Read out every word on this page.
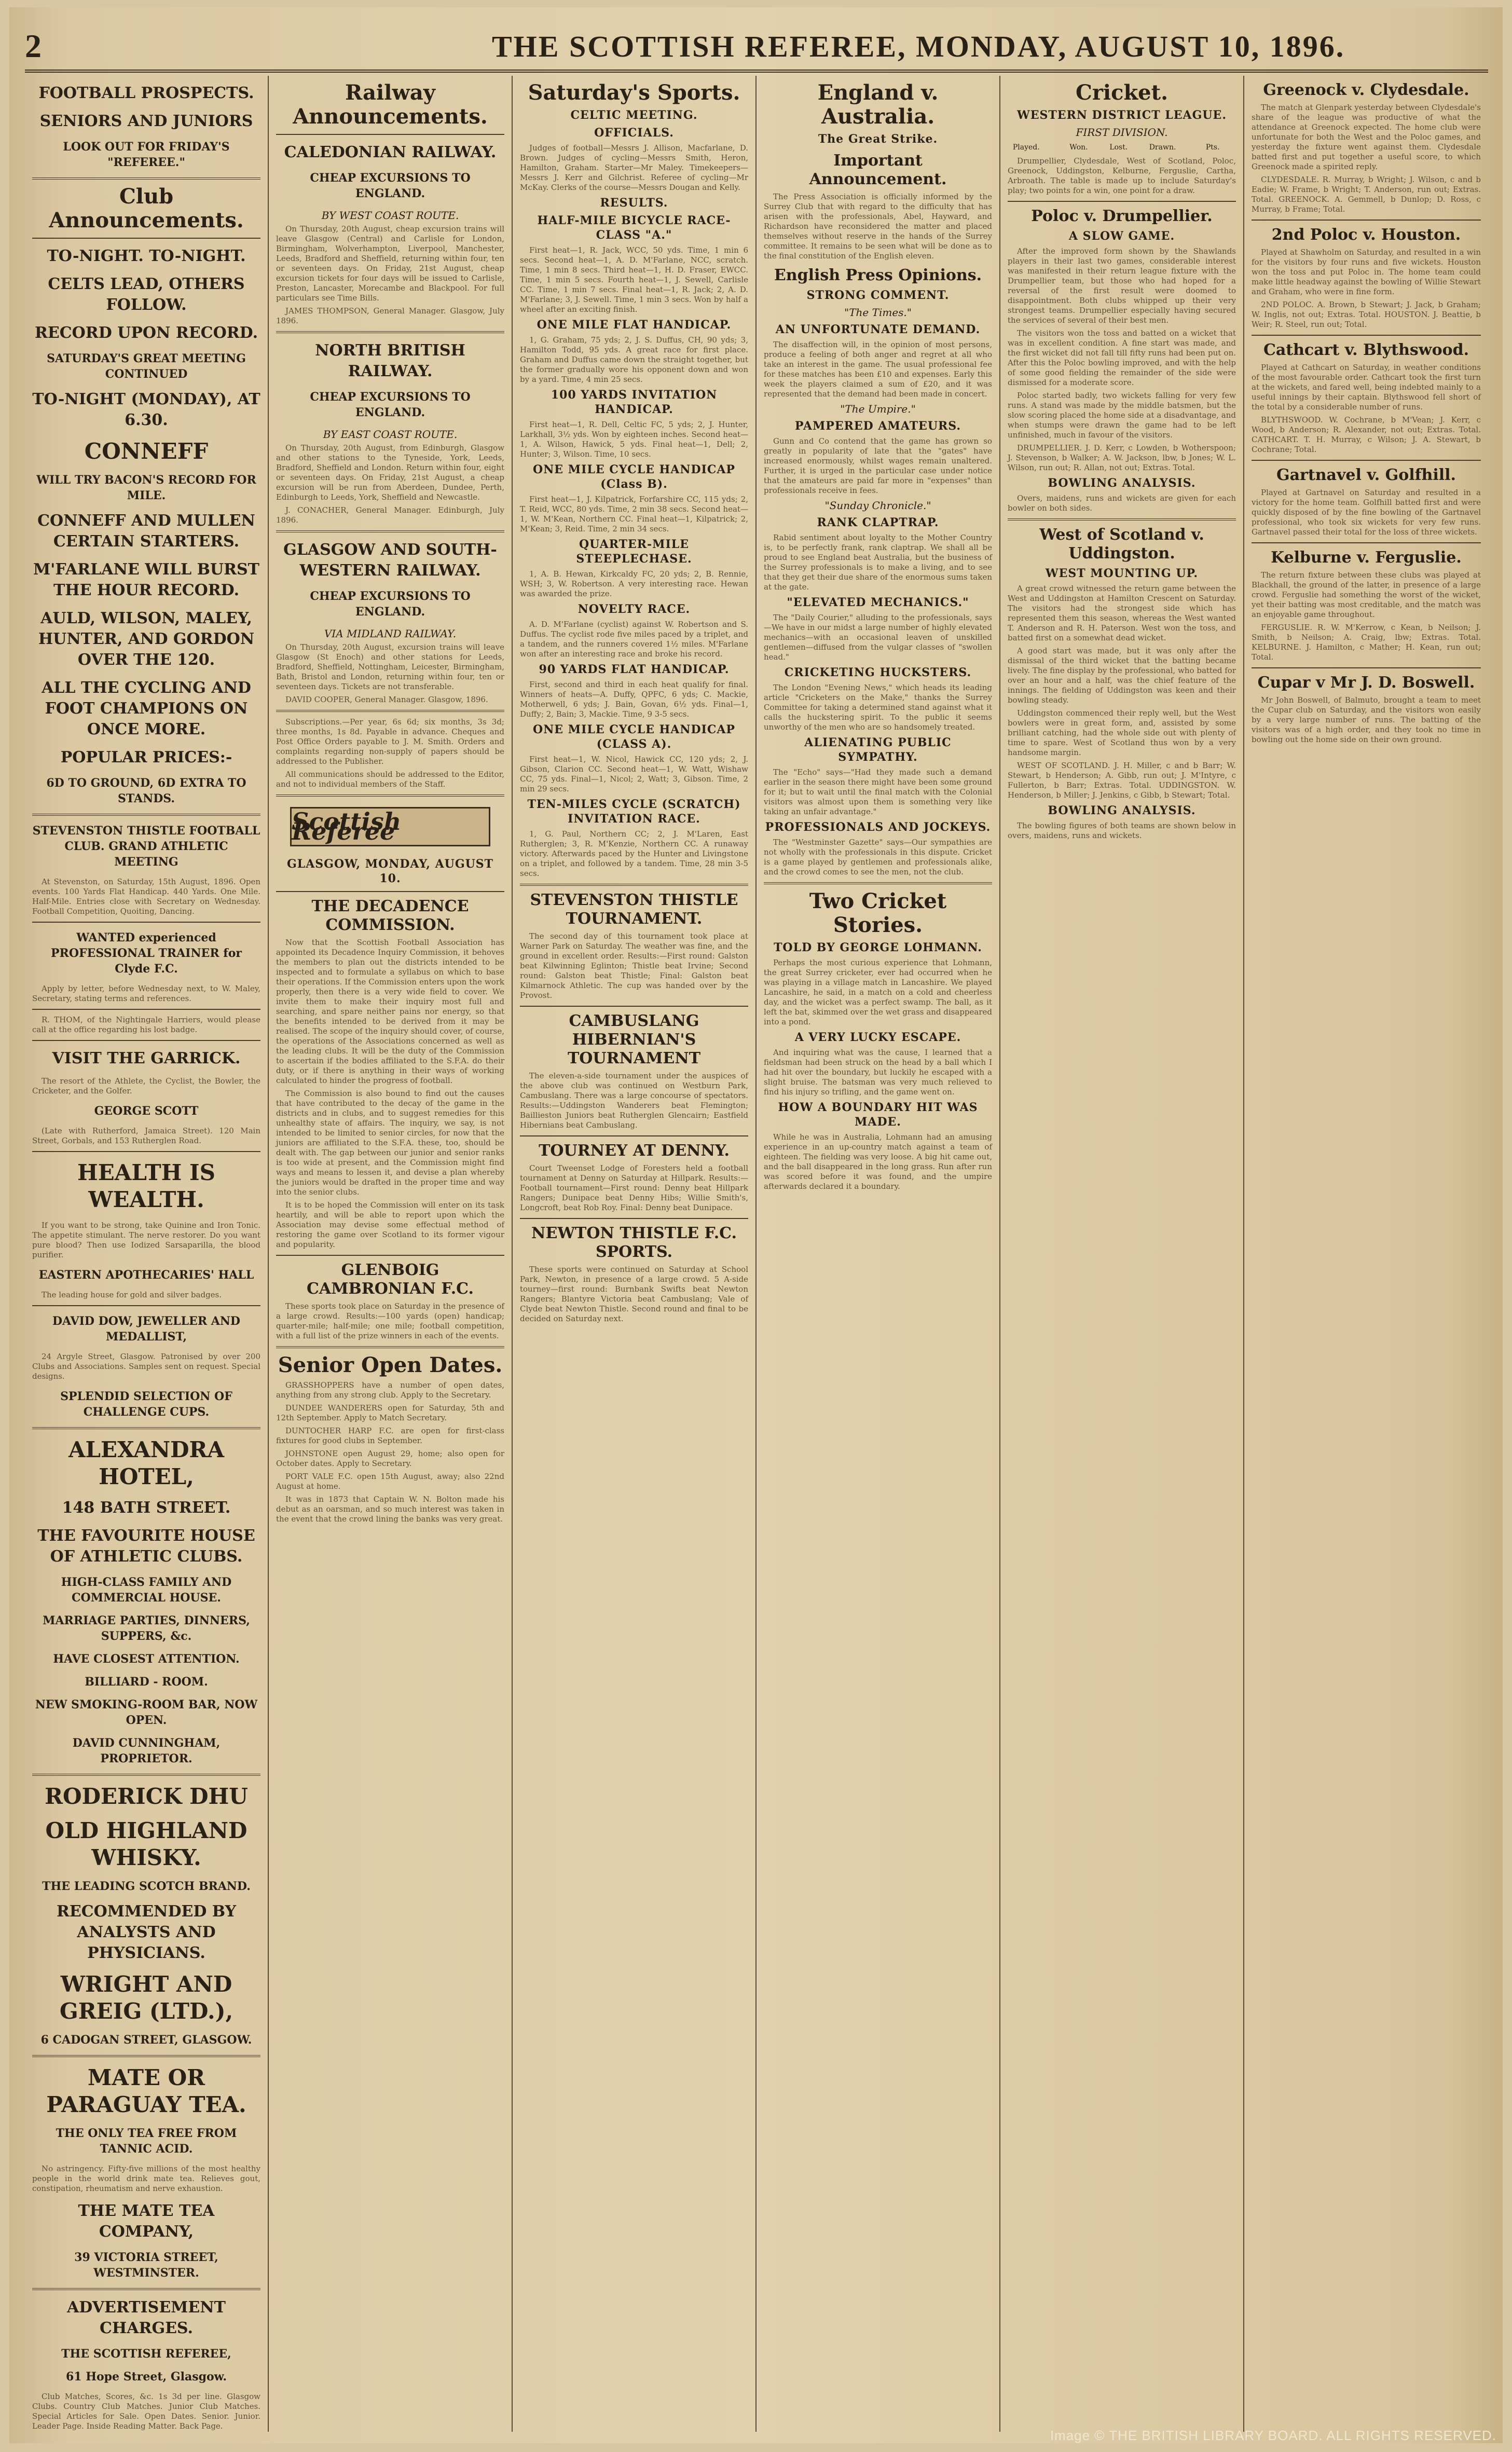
2	THE SCOTTISH REFEREE, MONDAY, AUGUST 10, 1896.
FOOTBALL PROSPECTS.
SENIORS AND JUNIORS
LOOK OUT FOR FRIDAY'S "REFEREE."
Club Announcements.
TO-NIGHT. TO-NIGHT.
CELTS LEAD, OTHERS FOLLOW.
RECORD UPON RECORD.
SATURDAY'S GREAT MEETING CONTINUED
TO-NIGHT (MONDAY), AT 6.30.
CONNEFF
WILL TRY BACON'S RECORD FOR MILE.
CONNEFF AND MULLEN CERTAIN STARTERS.
M'FARLANE WILL BURST THE HOUR RECORD.
AULD, WILSON, MALEY, HUNTER, AND GORDON OVER THE 120.
ALL THE CYCLING AND FOOT CHAMPIONS ON ONCE MORE.
POPULAR PRICES:-
6D TO GROUND, 6D EXTRA TO STANDS.
STEVENSTON THISTLE FOOTBALL CLUB. GRAND ATHLETIC MEETING

At Stevenston, on Saturday, 15th August, 1896. Open events. 100 Yards Flat Handicap. 440 Yards. One Mile. Half-Mile. Entries close with Secretary on Wednesday. Football Competition, Quoiting, Dancing.

WANTED experienced PROFESSIONAL TRAINER for Clyde F.C.

Apply by letter, before Wednesday next, to W. Maley, Secretary, stating terms and references.

R. THOM, of the Nightingale Harriers, would please call at the office regarding his lost badge.

VISIT THE GARRICK.

The resort of the Athlete, the Cyclist, the Bowler, the Cricketer, and the Golfer.

GEORGE SCOTT

(Late with Rutherford, Jamaica Street). 120 Main Street, Gorbals, and 153 Rutherglen Road.

HEALTH IS WEALTH.

If you want to be strong, take Quinine and Iron Tonic. The appetite stimulant. The nerve restorer. Do you want pure blood? Then use Iodized Sarsaparilla, the blood purifier.

EASTERN APOTHECARIES' HALL

The leading house for gold and silver badges.

DAVID DOW, JEWELLER AND MEDALLIST,

24 Argyle Street, Glasgow. Patronised by over 200 Clubs and Associations. Samples sent on request. Special designs.

SPLENDID SELECTION OF CHALLENGE CUPS.
ALEXANDRA HOTEL,
148 BATH STREET.
THE FAVOURITE HOUSE OF ATHLETIC CLUBS.
HIGH-CLASS FAMILY AND COMMERCIAL HOUSE.
MARRIAGE PARTIES, DINNERS, SUPPERS, &c.
HAVE CLOSEST ATTENTION.
BILLIARD - ROOM.
NEW SMOKING-ROOM BAR, NOW OPEN.
DAVID CUNNINGHAM, PROPRIETOR.
RODERICK DHU
OLD HIGHLAND WHISKY.
THE LEADING SCOTCH BRAND.
RECOMMENDED BY ANALYSTS AND PHYSICIANS.
WRIGHT AND GREIG (LTD.),
6 CADOGAN STREET, GLASGOW.
MATE OR PARAGUAY TEA.
THE ONLY TEA FREE FROM TANNIC ACID.

No astringency. Fifty-five millions of the most healthy people in the world drink mate tea. Relieves gout, constipation, rheumatism and nerve exhaustion.

THE MATE TEA COMPANY,
39 VICTORIA STREET, WESTMINSTER.
ADVERTISEMENT CHARGES.
THE SCOTTISH REFEREE,
61 Hope Street, Glasgow.

Club Matches, Scores, &c. 1s 3d per line. Glasgow Clubs. Country Club Matches. Junior Club Matches. Special Articles for Sale. Open Dates. Senior. Junior. Leader Page. Inside Reading Matter. Back Page.

Railway Announcements.
CALEDONIAN RAILWAY.
CHEAP EXCURSIONS TO ENGLAND.
BY WEST COAST ROUTE.

On Thursday, 20th August, cheap excursion trains will leave Glasgow (Central) and Carlisle for London, Birmingham, Wolverhampton, Liverpool, Manchester, Leeds, Bradford and Sheffield, returning within four, ten or seventeen days. On Friday, 21st August, cheap excursion tickets for four days will be issued to Carlisle, Preston, Lancaster, Morecambe and Blackpool. For full particulars see Time Bills.

JAMES THOMPSON, General Manager. Glasgow, July 1896.

NORTH BRITISH RAILWAY.
CHEAP EXCURSIONS TO ENGLAND.
BY EAST COAST ROUTE.

On Thursday, 20th August, from Edinburgh, Glasgow and other stations to the Tyneside, York, Leeds, Bradford, Sheffield and London. Return within four, eight or seventeen days. On Friday, 21st August, a cheap excursion will be run from Aberdeen, Dundee, Perth, Edinburgh to Leeds, York, Sheffield and Newcastle.

J. CONACHER, General Manager. Edinburgh, July 1896.

GLASGOW AND SOUTH-WESTERN RAILWAY.
CHEAP EXCURSIONS TO ENGLAND.
VIA MIDLAND RAILWAY.

On Thursday, 20th August, excursion trains will leave Glasgow (St Enoch) and other stations for Leeds, Bradford, Sheffield, Nottingham, Leicester, Birmingham, Bath, Bristol and London, returning within four, ten or seventeen days. Tickets are not transferable.

DAVID COOPER, General Manager. Glasgow, 1896.

Subscriptions.—Per year, 6s 6d; six months, 3s 3d; three months, 1s 8d. Payable in advance. Cheques and Post Office Orders payable to J. M. Smith. Orders and complaints regarding non-supply of papers should be addressed to the Publisher.

All communications should be addressed to the Editor, and not to individual members of the Staff.

Scottish Referee
GLASGOW, MONDAY, AUGUST 10.
THE DECADENCE COMMISSION.

Now that the Scottish Football Association has appointed its Decadence Inquiry Commission, it behoves the members to plan out the districts intended to be inspected and to formulate a syllabus on which to base their operations. If the Commission enters upon the work properly, then there is a very wide field to cover. We invite them to make their inquiry most full and searching, and spare neither pains nor energy, so that the benefits intended to be derived from it may be realised. The scope of the inquiry should cover, of course, the operations of the Associations concerned as well as the leading clubs. It will be the duty of the Commission to ascertain if the bodies affiliated to the S.F.A. do their duty, or if there is anything in their ways of working calculated to hinder the progress of football.

The Commission is also bound to find out the causes that have contributed to the decay of the game in the districts and in clubs, and to suggest remedies for this unhealthy state of affairs. The inquiry, we say, is not intended to be limited to senior circles, for now that the juniors are affiliated to the S.F.A. these, too, should be dealt with. The gap between our junior and senior ranks is too wide at present, and the Commission might find ways and means to lessen it, and devise a plan whereby the juniors would be drafted in the proper time and way into the senior clubs.

It is to be hoped the Commission will enter on its task heartily, and will be able to report upon which the Association may devise some effectual method of restoring the game over Scotland to its former vigour and popularity.

GLENBOIG CAMBRONIAN F.C.

These sports took place on Saturday in the presence of a large crowd. Results:—100 yards (open) handicap; quarter-mile; half-mile; one mile; football competition, with a full list of the prize winners in each of the events.

Senior Open Dates.

GRASSHOPPERS have a number of open dates, anything from any strong club. Apply to the Secretary.

DUNDEE WANDERERS open for Saturday, 5th and 12th September. Apply to Match Secretary.

DUNTOCHER HARP F.C. are open for first-class fixtures for good clubs in September.

JOHNSTONE open August 29, home; also open for October dates. Apply to Secretary.

PORT VALE F.C. open 15th August, away; also 22nd August at home.

It was in 1873 that Captain W. N. Bolton made his debut as an oarsman, and so much interest was taken in the event that the crowd lining the banks was very great.

Saturday's Sports.
CELTIC MEETING.
OFFICIALS.

Judges of football—Messrs J. Allison, Macfarlane, D. Brown. Judges of cycling—Messrs Smith, Heron, Hamilton, Graham. Starter—Mr Maley. Timekeepers—Messrs J. Kerr and Gilchrist. Referee of cycling—Mr McKay. Clerks of the course—Messrs Dougan and Kelly.

RESULTS.
HALF-MILE BICYCLE RACE-CLASS "A."

First heat—1, R. Jack, WCC, 50 yds. Time, 1 min 6 secs. Second heat—1, A. D. M'Farlane, NCC, scratch. Time, 1 min 8 secs. Third heat—1, H. D. Fraser, EWCC. Time, 1 min 5 secs. Fourth heat—1, J. Sewell, Carlisle CC. Time, 1 min 7 secs. Final heat—1, R. Jack; 2, A. D. M'Farlane; 3, J. Sewell. Time, 1 min 3 secs. Won by half a wheel after an exciting finish.

ONE MILE FLAT HANDICAP.

1, G. Graham, 75 yds; 2, J. S. Duffus, CH, 90 yds; 3, Hamilton Todd, 95 yds. A great race for first place. Graham and Duffus came down the straight together, but the former gradually wore his opponent down and won by a yard. Time, 4 min 25 secs.

100 YARDS INVITATION HANDICAP.

First heat—1, R. Dell, Celtic FC, 5 yds; 2, J. Hunter, Larkhall, 3½ yds. Won by eighteen inches. Second heat—1, A. Wilson, Hawick, 5 yds. Final heat—1, Dell; 2, Hunter; 3, Wilson. Time, 10 secs.

ONE MILE CYCLE HANDICAP (Class B).

First heat—1, J. Kilpatrick, Forfarshire CC, 115 yds; 2, T. Reid, WCC, 80 yds. Time, 2 min 38 secs. Second heat—1, W. M'Kean, Northern CC. Final heat—1, Kilpatrick; 2, M'Kean; 3, Reid. Time, 2 min 34 secs.

QUARTER-MILE STEEPLECHASE.

1, A. B. Hewan, Kirkcaldy FC, 20 yds; 2, B. Rennie, WSH; 3, W. Robertson. A very interesting race. Hewan was awarded the prize.

NOVELTY RACE.

A. D. M'Farlane (cyclist) against W. Robertson and S. Duffus. The cyclist rode five miles paced by a triplet, and a tandem, and the runners covered 1½ miles. M'Farlane won after an interesting race and broke his record.

90 YARDS FLAT HANDICAP.

First, second and third in each heat qualify for final. Winners of heats—A. Duffy, QPFC, 6 yds; C. Mackie, Motherwell, 6 yds; J. Bain, Govan, 6½ yds. Final—1, Duffy; 2, Bain; 3, Mackie. Time, 9 3-5 secs.

ONE MILE CYCLE HANDICAP (CLASS A).

First heat—1, W. Nicol, Hawick CC, 120 yds; 2, J. Gibson, Clarion CC. Second heat—1, W. Watt, Wishaw CC, 75 yds. Final—1, Nicol; 2, Watt; 3, Gibson. Time, 2 min 29 secs.

TEN-MILES CYCLE (SCRATCH) INVITATION RACE.

1, G. Paul, Northern CC; 2, J. M'Laren, East Rutherglen; 3, R. M'Kenzie, Northern CC. A runaway victory. Afterwards paced by the Hunter and Livingstone on a triplet, and followed by a tandem. Time, 28 min 3-5 secs.

STEVENSTON THISTLE TOURNAMENT.

The second day of this tournament took place at Warner Park on Saturday. The weather was fine, and the ground in excellent order. Results:—First round: Galston beat Kilwinning Eglinton; Thistle beat Irvine; Second round: Galston beat Thistle; Final: Galston beat Kilmarnock Athletic. The cup was handed over by the Provost.

CAMBUSLANG HIBERNIAN'S TOURNAMENT

The eleven-a-side tournament under the auspices of the above club was continued on Westburn Park, Cambuslang. There was a large concourse of spectators. Results:—Uddingston Wanderers beat Flemington; Baillieston Juniors beat Rutherglen Glencairn; Eastfield Hibernians beat Cambuslang.

TOURNEY AT DENNY.

Court Tweenset Lodge of Foresters held a football tournament at Denny on Saturday at Hillpark. Results:—Football tournament—First round: Denny beat Hillpark Rangers; Dunipace beat Denny Hibs; Willie Smith's, Longcroft, beat Rob Roy. Final: Denny beat Dunipace.

NEWTON THISTLE F.C. SPORTS.

These sports were continued on Saturday at School Park, Newton, in presence of a large crowd. 5 A-side tourney—first round: Burnbank Swifts beat Newton Rangers; Blantyre Victoria beat Cambuslang; Vale of Clyde beat Newton Thistle. Second round and final to be decided on Saturday next.

England v. Australia.
The Great Strike.
Important Announcement.

The Press Association is officially informed by the Surrey Club that with regard to the difficulty that has arisen with the professionals, Abel, Hayward, and Richardson have reconsidered the matter and placed themselves without reserve in the hands of the Surrey committee. It remains to be seen what will be done as to the final constitution of the English eleven.

English Press Opinions.
STRONG COMMENT.
"The Times."
AN UNFORTUNATE DEMAND.

The disaffection will, in the opinion of most persons, produce a feeling of both anger and regret at all who take an interest in the game. The usual professional fee for these matches has been £10 and expenses. Early this week the players claimed a sum of £20, and it was represented that the demand had been made in concert.

"The Umpire."
PAMPERED AMATEURS.

Gunn and Co contend that the game has grown so greatly in popularity of late that the "gates" have increased enormously, whilst wages remain unaltered. Further, it is urged in the particular case under notice that the amateurs are paid far more in "expenses" than professionals receive in fees.

"Sunday Chronicle."
RANK CLAPTRAP.

Rabid sentiment about loyalty to the Mother Country is, to be perfectly frank, rank claptrap. We shall all be proud to see England beat Australia, but the business of the Surrey professionals is to make a living, and to see that they get their due share of the enormous sums taken at the gate.

"ELEVATED MECHANICS."

The "Daily Courier," alluding to the professionals, says—We have in our midst a large number of highly elevated mechanics—with an occasional leaven of unskilled gentlemen—diffused from the vulgar classes of "swollen head."

CRICKETING HUCKSTERS.

The London "Evening News," which heads its leading article "Cricketers on the Make," thanks the Surrey Committee for taking a determined stand against what it calls the huckstering spirit. To the public it seems unworthy of the men who are so handsomely treated.

ALIENATING PUBLIC SYMPATHY.

The "Echo" says—"Had they made such a demand earlier in the season there might have been some ground for it; but to wait until the final match with the Colonial visitors was almost upon them is something very like taking an unfair advantage."

PROFESSIONALS AND JOCKEYS.

The "Westminster Gazette" says—Our sympathies are not wholly with the professionals in this dispute. Cricket is a game played by gentlemen and professionals alike, and the crowd comes to see the men, not the club.

Two Cricket Stories.
TOLD BY GEORGE LOHMANN.

Perhaps the most curious experience that Lohmann, the great Surrey cricketer, ever had occurred when he was playing in a village match in Lancashire. We played Lancashire, he said, in a match on a cold and cheerless day, and the wicket was a perfect swamp. The ball, as it left the bat, skimmed over the wet grass and disappeared into a pond.

A VERY LUCKY ESCAPE.

And inquiring what was the cause, I learned that a fieldsman had been struck on the head by a ball which I had hit over the boundary, but luckily he escaped with a slight bruise. The batsman was very much relieved to find his injury so trifling, and the game went on.

HOW A BOUNDARY HIT WAS MADE.

While he was in Australia, Lohmann had an amusing experience in an up-country match against a team of eighteen. The fielding was very loose. A big hit came out, and the ball disappeared in the long grass. Run after run was scored before it was found, and the umpire afterwards declared it a boundary.

Cricket.
WESTERN DISTRICT LEAGUE.
FIRST DIVISION.
	Played.	Won.	Lost.	Drawn.	Pts.

Drumpellier, Clydesdale, West of Scotland, Poloc, Greenock, Uddingston, Kelburne, Ferguslie, Cartha, Arbroath. The table is made up to include Saturday's play; two points for a win, one point for a draw.

Poloc v. Drumpellier.
A SLOW GAME.

After the improved form shown by the Shawlands players in their last two games, considerable interest was manifested in their return league fixture with the Drumpellier team, but those who had hoped for a reversal of the first result were doomed to disappointment. Both clubs whipped up their very strongest teams. Drumpellier especially having secured the services of several of their best men.

The visitors won the toss and batted on a wicket that was in excellent condition. A fine start was made, and the first wicket did not fall till fifty runs had been put on. After this the Poloc bowling improved, and with the help of some good fielding the remainder of the side were dismissed for a moderate score.

Poloc started badly, two wickets falling for very few runs. A stand was made by the middle batsmen, but the slow scoring placed the home side at a disadvantage, and when stumps were drawn the game had to be left unfinished, much in favour of the visitors.

DRUMPELLIER. J. D. Kerr, c Lowden, b Wotherspoon; J. Stevenson, b Walker; A. W. Jackson, lbw, b Jones; W. L. Wilson, run out; R. Allan, not out; Extras. Total.

BOWLING ANALYSIS.

Overs, maidens, runs and wickets are given for each bowler on both sides.

West of Scotland v. Uddingston.
WEST MOUNTING UP.

A great crowd witnessed the return game between the West and Uddingston at Hamilton Crescent on Saturday. The visitors had the strongest side which has represented them this season, whereas the West wanted T. Anderson and R. H. Paterson. West won the toss, and batted first on a somewhat dead wicket.

A good start was made, but it was only after the dismissal of the third wicket that the batting became lively. The fine display by the professional, who batted for over an hour and a half, was the chief feature of the innings. The fielding of Uddingston was keen and their bowling steady.

Uddingston commenced their reply well, but the West bowlers were in great form, and, assisted by some brilliant catching, had the whole side out with plenty of time to spare. West of Scotland thus won by a very handsome margin.

WEST OF SCOTLAND. J. H. Miller, c and b Barr; W. Stewart, b Henderson; A. Gibb, run out; J. M'Intyre, c Fullerton, b Barr; Extras. Total. UDDINGSTON. W. Henderson, b Miller; J. Jenkins, c Gibb, b Stewart; Total.

BOWLING ANALYSIS.

The bowling figures of both teams are shown below in overs, maidens, runs and wickets.

Greenock v. Clydesdale.

The match at Glenpark yesterday between Clydesdale's share of the league was productive of what the attendance at Greenock expected. The home club were unfortunate for both the West and the Poloc games, and yesterday the fixture went against them. Clydesdale batted first and put together a useful score, to which Greenock made a spirited reply.

CLYDESDALE. R. Murray, b Wright; J. Wilson, c and b Eadie; W. Frame, b Wright; T. Anderson, run out; Extras. Total. GREENOCK. A. Gemmell, b Dunlop; D. Ross, c Murray, b Frame; Total.

2nd Poloc v. Houston.

Played at Shawholm on Saturday, and resulted in a win for the visitors by four runs and five wickets. Houston won the toss and put Poloc in. The home team could make little headway against the bowling of Willie Stewart and Graham, who were in fine form.

2ND POLOC. A. Brown, b Stewart; J. Jack, b Graham; W. Inglis, not out; Extras. Total. HOUSTON. J. Beattie, b Weir; R. Steel, run out; Total.

Cathcart v. Blythswood.

Played at Cathcart on Saturday, in weather conditions of the most favourable order. Cathcart took the first turn at the wickets, and fared well, being indebted mainly to a useful innings by their captain. Blythswood fell short of the total by a considerable number of runs.

BLYTHSWOOD. W. Cochrane, b M'Vean; J. Kerr, c Wood, b Anderson; R. Alexander, not out; Extras. Total. CATHCART. T. H. Murray, c Wilson; J. A. Stewart, b Cochrane; Total.

Gartnavel v. Golfhill.

Played at Gartnavel on Saturday and resulted in a victory for the home team. Golfhill batted first and were quickly disposed of by the fine bowling of the Gartnavel professional, who took six wickets for very few runs. Gartnavel passed their total for the loss of three wickets.

Kelburne v. Ferguslie.

The return fixture between these clubs was played at Blackhall, the ground of the latter, in presence of a large crowd. Ferguslie had something the worst of the wicket, yet their batting was most creditable, and the match was an enjoyable game throughout.

FERGUSLIE. R. W. M'Kerrow, c Kean, b Neilson; J. Smith, b Neilson; A. Craig, lbw; Extras. Total. KELBURNE. J. Hamilton, c Mather; H. Kean, run out; Total.

Cupar v Mr J. D. Boswell.

Mr John Boswell, of Balmuto, brought a team to meet the Cupar club on Saturday, and the visitors won easily by a very large number of runs. The batting of the visitors was of a high order, and they took no time in bowling out the home side on their own ground.

Image © THE BRITISH LIBRARY BOARD. ALL RIGHTS RESERVED.
